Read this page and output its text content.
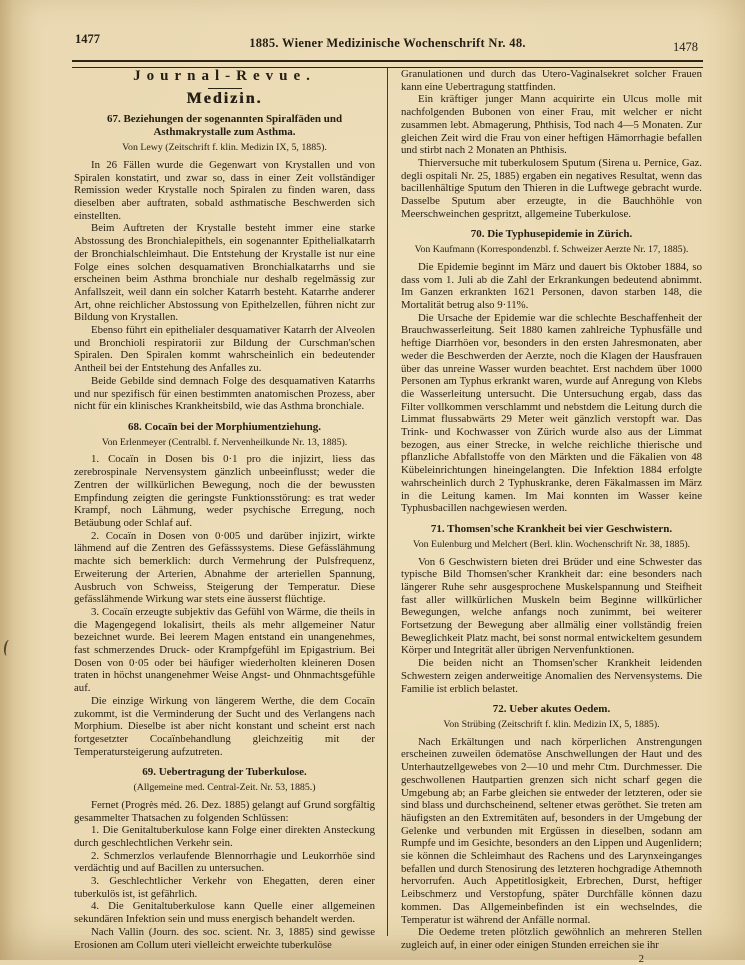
1477	1885. Wiener Medizinische Wochenschrift Nr. 48.	1478
Journal-Revue.
Medizin.
67. Beziehungen der sogenannten Spiralfäden und Asthmakrystalle zum Asthma.
Von Lewy (Zeitschrift f. klin. Medizin IX, 5, 1885).
In 26 Fällen wurde die Gegenwart von Krystallen und von Spiralen konstatirt, und zwar so, dass in einer Zeit vollständiger Remission weder Krystalle noch Spiralen zu finden waren, dass dieselben aber auftraten, sobald asthmatische Beschwerden sich einstellten.
Beim Auftreten der Krystalle besteht immer eine starke Abstossung des Bronchialepithels, ein sogenannter Epithelialkatarrh der Bronchialschleimhaut. Die Entstehung der Krystalle ist nur eine Folge eines solchen desquamativen Bronchialkatarrhs und sie erscheinen beim Asthma bronchiale nur deshalb regelmässig zur Anfallszeit, weil dann ein solcher Katarrh besteht. Katarrhe anderer Art, ohne reichlicher Abstossung von Epithelzellen, führen nicht zur Bildung von Krystallen.
Ebenso führt ein epithelialer desquamativer Katarrh der Alveolen und Bronchioli respiratorii zur Bildung der Curschman'schen Spiralen. Den Spiralen kommt wahrscheinlich ein bedeutender Antheil bei der Entstehung des Anfalles zu.
Beide Gebilde sind demnach Folge des desquamativen Katarrhs und nur spezifisch für einen bestimmten anatomischen Prozess, aber nicht für ein klinisches Krankheitsbild, wie das Asthma bronchiale.
68. Cocaïn bei der Morphiumentziehung.
Von Erlenmeyer (Centralbl. f. Nervenheilkunde Nr. 13, 1885).
1. Cocaïn in Dosen bis 0·1 pro die injizirt, liess das zerebrospinale Nervensystem gänzlich unbeeinflusst; weder die Zentren der willkürlichen Bewegung, noch die der bewussten Empfindung zeigten die geringste Funktionsstörung: es trat weder Krampf, noch Lähmung, weder psychische Erregung, noch Betäubung oder Schlaf auf.
2. Cocaïn in Dosen von 0·005 und darüber injizirt, wirkte lähmend auf die Zentren des Gefässsystems. Diese Gefässlähmung machte sich bemerklich: durch Vermehrung der Pulsfrequenz, Erweiterung der Arterien, Abnahme der arteriellen Spannung, Ausbruch von Schweiss, Steigerung der Temperatur. Diese gefässlähmende Wirkung war stets eine äusserst flüchtige.
3. Cocaïn erzeugte subjektiv das Gefühl von Wärme, die theils in die Magengegend lokalisirt, theils als mehr allgemeiner Natur bezeichnet wurde. Bei leerem Magen entstand ein unangenehmes, fast schmerzendes Druck- oder Krampfgefühl im Epigastrium. Bei Dosen von 0·05 oder bei häufiger wiederholten kleineren Dosen traten in höchst unangenehmer Weise Angst- und Ohnmachtsgefühle auf.
Die einzige Wirkung von längerem Werthe, die dem Cocaïn zukommt, ist die Verminderung der Sucht und des Verlangens nach Morphium. Dieselbe ist aber nicht konstant und scheint erst nach fortgesetzter Cocaïnbehandlung gleichzeitig mit der Temperatursteigerung aufzutreten.
69. Uebertragung der Tuberkulose.
(Allgemeine med. Central-Zeit. Nr. 53, 1885.)
Fernet (Progrès méd. 26. Dez. 1885) gelangt auf Grund sorgfältig gesammelter Thatsachen zu folgenden Schlüssen:
1. Die Genitaltuberkulose kann Folge einer direkten Ansteckung durch geschlechtlichen Verkehr sein.
2. Schmerzlos verlaufende Blennorrhagie und Leukorrhöe sind verdächtig und auf Bacillen zu untersuchen.
3. Geschlechtlicher Verkehr von Ehegatten, deren einer tuberkulös ist, ist gefährlich.
4. Die Genitaltuberkulose kann Quelle einer allgemeinen sekundären Infektion sein und muss energisch behandelt werden.
Nach Vallin (Journ. des soc. scient. Nr. 3, 1885) sind gewisse Erosionen am Collum uteri vielleicht erweichte tuberkulöse
Granulationen und durch das Utero-Vaginalsekret solcher Frauen kann eine Uebertragung stattfinden.
Ein kräftiger junger Mann acquirirte ein Ulcus molle mit nachfolgenden Bubonen von einer Frau, mit welcher er nicht zusammen lebt. Abmagerung, Phthisis, Tod nach 4—5 Monaten. Zur gleichen Zeit wird die Frau von einer heftigen Hämorrhagie befallen und stirbt nach 2 Monaten an Phthisis.
Thierversuche mit tuberkulosem Sputum (Sirena u. Pernice, Gaz. degli ospitali Nr. 25, 1885) ergaben ein negatives Resultat, wenn das bacillenhältige Sputum den Thieren in die Luftwege gebracht wurde. Dasselbe Sputum aber erzeugte, in die Bauchhöhle von Meerschweinchen gespritzt, allgemeine Tuberkulose.
70. Die Typhusepidemie in Zürich.
Von Kaufmann (Korrespondenzbl. f. Schweizer Aerzte Nr. 17, 1885).
Die Epidemie beginnt im März und dauert bis Oktober 1884, so dass vom 1. Juli ab die Zahl der Erkrankungen bedeutend abnimmt. Im Ganzen erkrankten 1621 Personen, davon starben 148, die Mortalität betrug also 9·11%.
Die Ursache der Epidemie war die schlechte Beschaffenheit der Brauchwasserleitung. Seit 1880 kamen zahlreiche Typhusfälle und heftige Diarrhöen vor, besonders in den ersten Jahresmonaten, aber weder die Beschwerden der Aerzte, noch die Klagen der Hausfrauen über das unreine Wasser wurden beachtet. Erst nachdem über 1000 Personen am Typhus erkrankt waren, wurde auf Anregung von Klebs die Wasserleitung untersucht. Die Untersuchung ergab, dass das Filter vollkommen verschlammt und nebstdem die Leitung durch die Limmat flussabwärts 29 Meter weit gänzlich verstopft war. Das Trink- und Kochwasser von Zürich wurde also aus der Limmat bezogen, aus einer Strecke, in welche reichliche thierische und pflanzliche Abfallstoffe von den Märkten und die Fäkalien von 48 Kübeleinrichtungen hineingelangten. Die Infektion 1884 erfolgte wahrscheinlich durch 2 Typhuskranke, deren Fäkalmassen im März in die Leitung kamen. Im Mai konnten im Wasser keine Typhusbacillen nachgewiesen werden.
71. Thomsen'sche Krankheit bei vier Geschwistern.
Von Eulenburg und Melchert (Berl. klin. Wochenschrift Nr. 38, 1885).
Von 6 Geschwistern bieten drei Brüder und eine Schwester das typische Bild Thomsen'scher Krankheit dar: eine besonders nach längerer Ruhe sehr ausgesprochene Muskelspannung und Steifheit fast aller willkürlichen Muskeln beim Beginne willkürlicher Bewegungen, welche anfangs noch zunimmt, bei weiterer Fortsetzung der Bewegung aber allmälig einer vollständig freien Beweglichkeit Platz macht, bei sonst normal entwickeltem gesundem Körper und Integrität aller übrigen Nervenfunktionen.
Die beiden nicht an Thomsen'scher Krankheit leidenden Schwestern zeigen anderweitige Anomalien des Nervensystems. Die Familie ist erblich belastet.
72. Ueber akutes Oedem.
Von Strübing (Zeitschrift f. klin. Medizin IX, 5, 1885).
Nach Erkältungen und nach körperlichen Anstrengungen erscheinen zuweilen ödematöse Anschwellungen der Haut und des Unterhautzellgewebes von 2—10 und mehr Ctm. Durchmesser. Die geschwollenen Hautpartien grenzen sich nicht scharf gegen die Umgebung ab; an Farbe gleichen sie entweder der letzteren, oder sie sind blass und durchscheinend, seltener etwas geröthet. Sie treten am häufigsten an den Extremitäten auf, besonders in der Umgebung der Gelenke und verbunden mit Ergüssen in dieselben, sodann am Rumpfe und im Gesichte, besonders an den Lippen und Augenlidern; sie können die Schleimhaut des Rachens und des Larynxeinganges befallen und durch Stenosirung des letzteren hochgradige Athemnoth hervorrufen. Auch Appetitlosigkeit, Erbrechen, Durst, heftiger Leibschmerz und Verstopfung, später Durchfälle können dazu kommen. Das Allgemeinbefinden ist ein wechselndes, die Temperatur ist während der Anfälle normal.
Die Oedeme treten plötzlich gewöhnlich an mehreren Stellen zugleich auf, in einer oder einigen Stunden erreichen sie ihr
2
